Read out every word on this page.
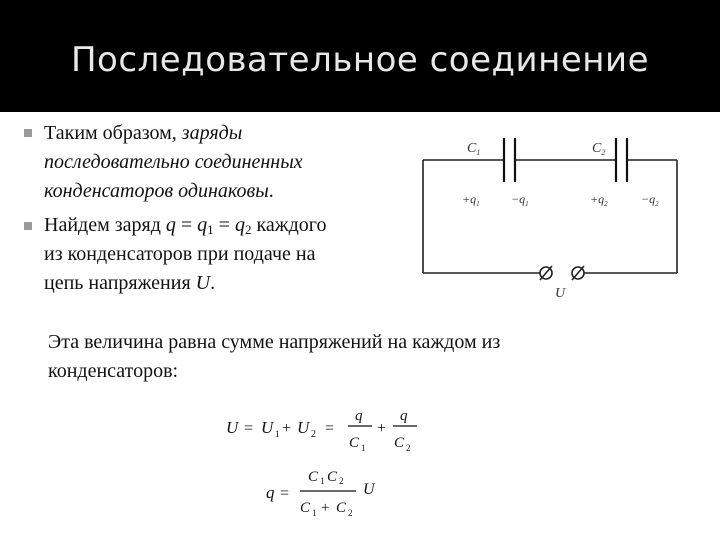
Последовательное соединение
Таким образом, заряды
последовательно соединенных
конденсаторов одинаковы.
Найдем заряд $q = q_1 = q_2$ каждого
из конденсаторов при подаче на
цепь напряжения U.
$C_1$	$C_2$
$+q_1$	$-q_1$	$+q_2$	$-q_2$
U
Эта величина равна сумме напряжений на каждом из
конденсаторов:
U = U 1 + U 2 =
q
C 1
+
q
C 2
q =
C 1 C 2
C 1 + C 2
U
